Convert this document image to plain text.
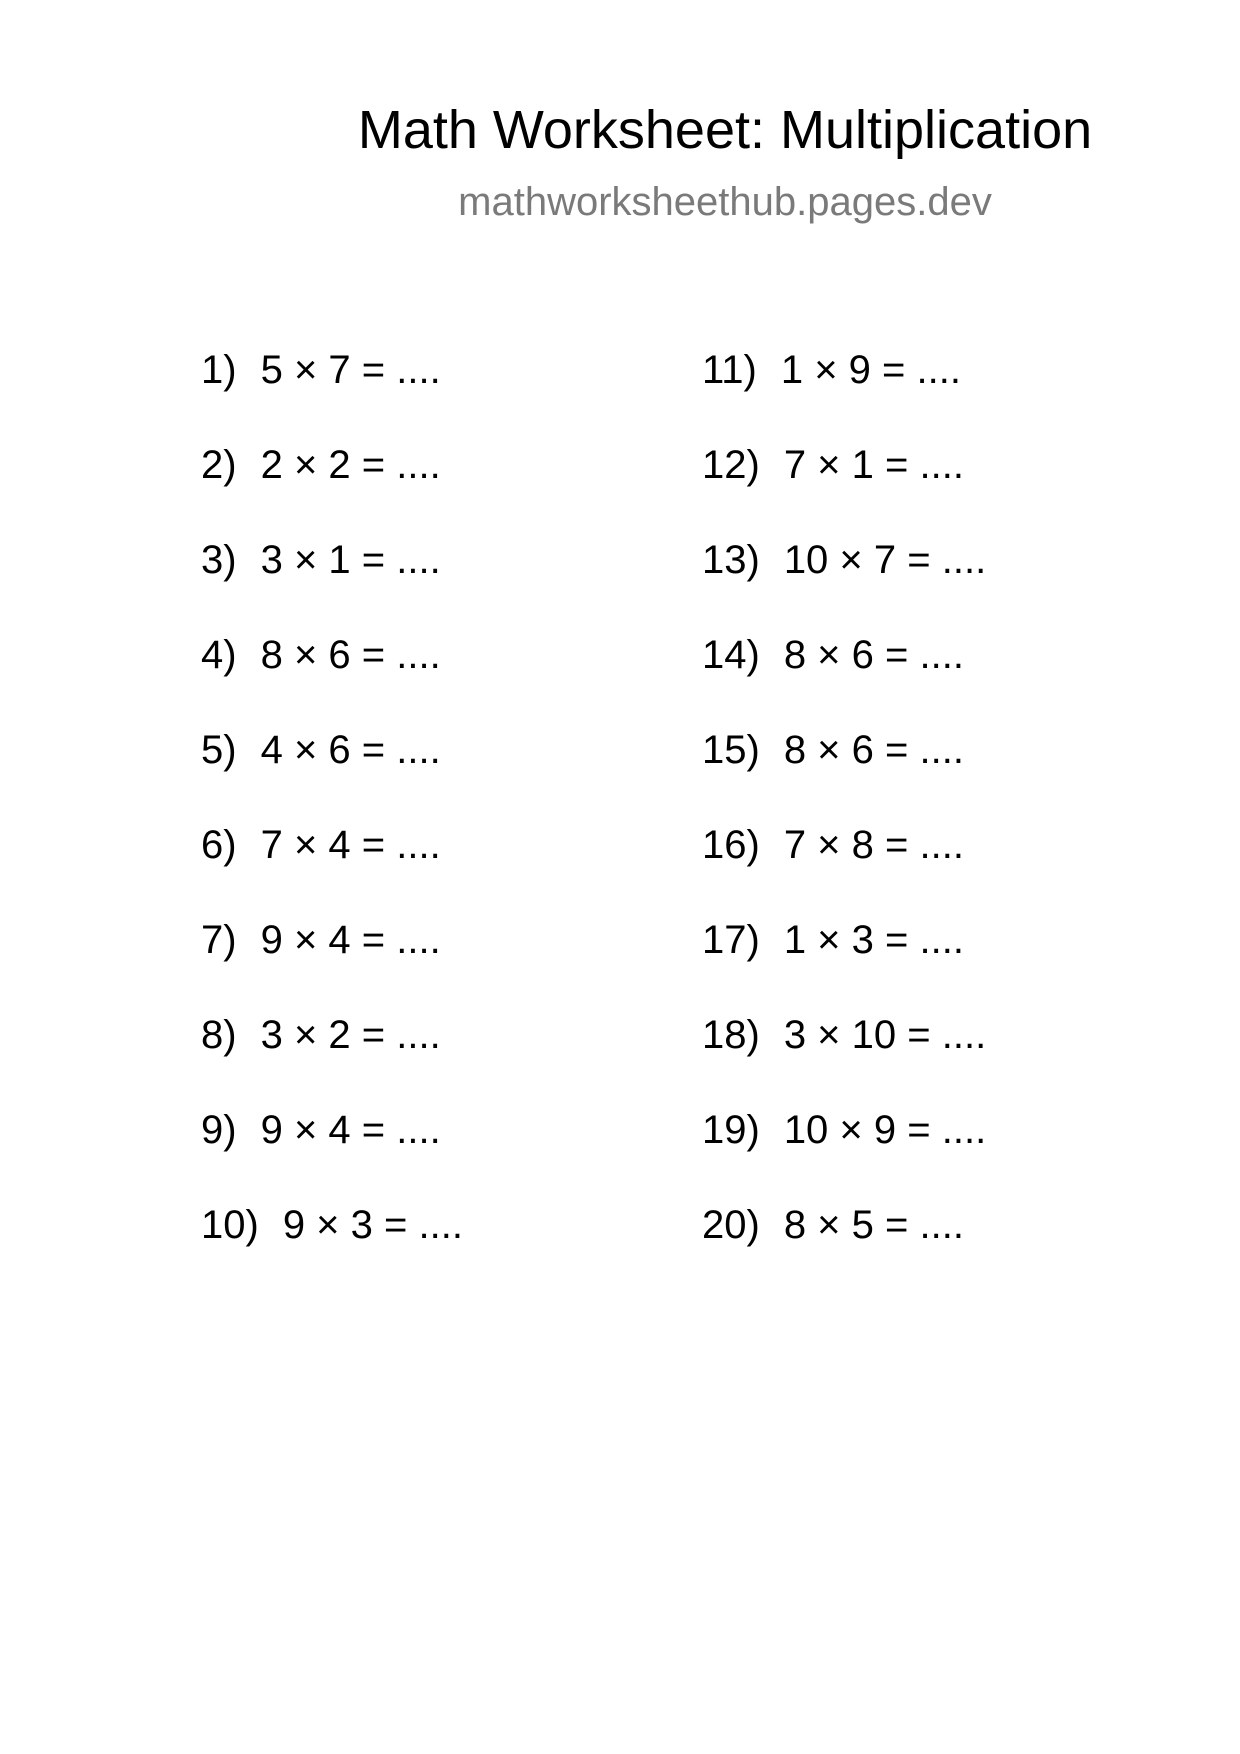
Math Worksheet: Multiplication
mathworksheethub.pages.dev
1) 5 × 7 = ....
2) 2 × 2 = ....
3) 3 × 1 = ....
4) 8 × 6 = ....
5) 4 × 6 = ....
6) 7 × 4 = ....
7) 9 × 4 = ....
8) 3 × 2 = ....
9) 9 × 4 = ....
10) 9 × 3 = ....
11) 1 × 9 = ....
12) 7 × 1 = ....
13) 10 × 7 = ....
14) 8 × 6 = ....
15) 8 × 6 = ....
16) 7 × 8 = ....
17) 1 × 3 = ....
18) 3 × 10 = ....
19) 10 × 9 = ....
20) 8 × 5 = ....
